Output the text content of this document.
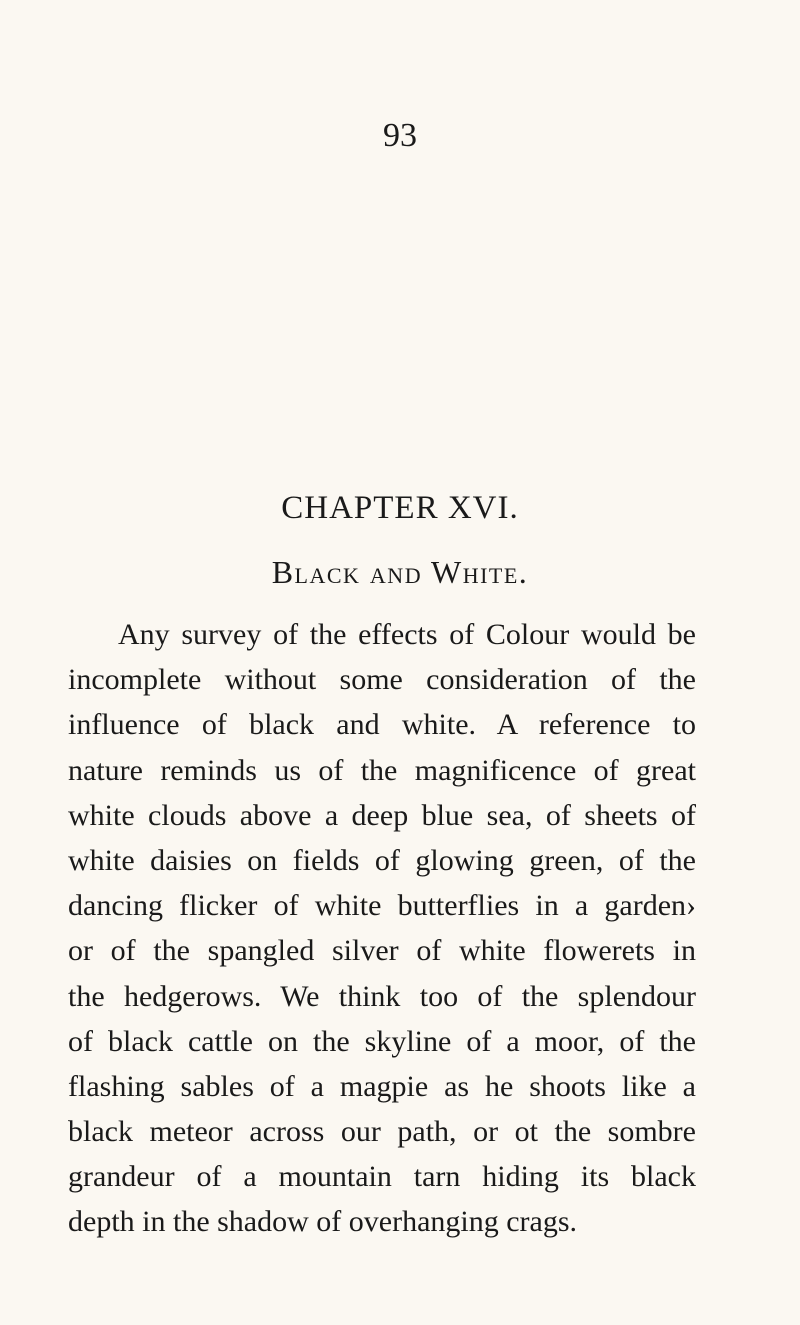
93
CHAPTER XVI.
Black and White.
Any survey of the effects of Colour would be
incomplete without some consideration of the
influence of black and white. A reference to
nature reminds us of the magnificence of great
white clouds above a deep blue sea, of sheets of
white daisies on fields of glowing green, of the
dancing flicker of white butterflies in a garden›
or of the spangled silver of white flowerets in
the hedgerows. We think too of the splendour
of black cattle on the skyline of a moor, of the
flashing sables of a magpie as he shoots like a
black meteor across our path, or ot the sombre
grandeur of a mountain tarn hiding its black
depth in the shadow of overhanging crags.
